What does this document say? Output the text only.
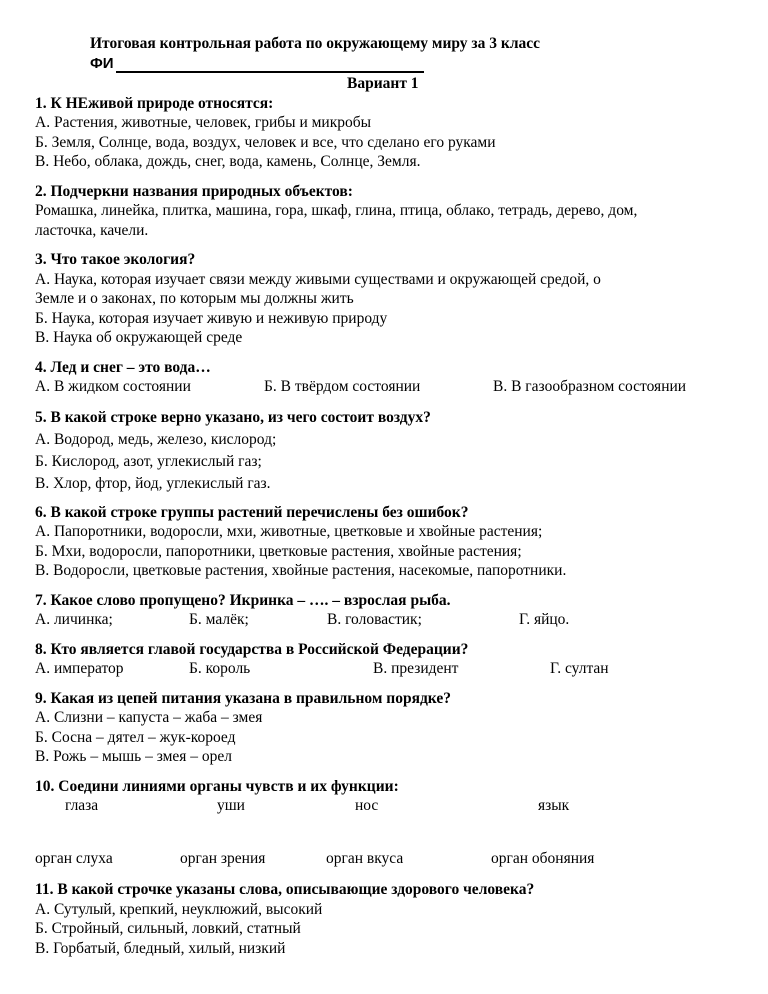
Итоговая контрольная работа по окружающему миру за 3 класс
ФИ
Вариант 1
1. К НЕживой природе относятся:
А. Растения, животные, человек, грибы и микробы
Б. Земля, Солнце, вода, воздух, человек и все, что сделано его руками
В. Небо, облака, дождь, снег, вода, камень, Солнце, Земля.
2. Подчеркни названия природных объектов:
Ромашка, линейка, плитка, машина, гора, шкаф, глина, птица, облако, тетрадь, дерево, дом,
ласточка, качели.
3. Что такое экология?
А. Наука, которая изучает связи между живыми существами и окружающей средой, о
Земле и о законах, по которым мы должны жить
Б. Наука, которая изучает живую и неживую природу
В. Наука об окружающей среде
4. Лед и снег – это вода…
А. В жидком состоянии	Б. В твёрдом состоянии	В. В газообразном состоянии
5. В какой строке верно указано, из чего состоит воздух?
А. Водород, медь, железо, кислород;
Б. Кислород, азот, углекислый газ;
В. Хлор, фтор, йод, углекислый газ.
6. В какой строке группы растений перечислены без ошибок?
А. Папоротники, водоросли, мхи, животные, цветковые и хвойные растения;
Б. Мхи, водоросли, папоротники, цветковые растения, хвойные растения;
В. Водоросли, цветковые растения, хвойные растения, насекомые, папоротники.
7. Какое слово пропущено? Икринка – …. – взрослая рыба.
А. личинка;	Б. малёк;	В. головастик;	Г. яйцо.
8. Кто является главой государства в Российской Федерации?
А. император	Б. король	В. президент	Г. султан
9. Какая из цепей питания указана в правильном порядке?
А. Слизни – капуста – жаба – змея
Б. Сосна – дятел – жук-короед
В. Рожь – мышь – змея – орел
10. Соедини линиями органы чувств и их функции:
глаза	уши	нос	язык
орган слуха	орган зрения	орган вкуса	орган обоняния
11. В какой строчке указаны слова, описывающие здорового человека?
А. Сутулый, крепкий, неуклюжий, высокий
Б. Стройный, сильный, ловкий, статный
В. Горбатый, бледный, хилый, низкий
